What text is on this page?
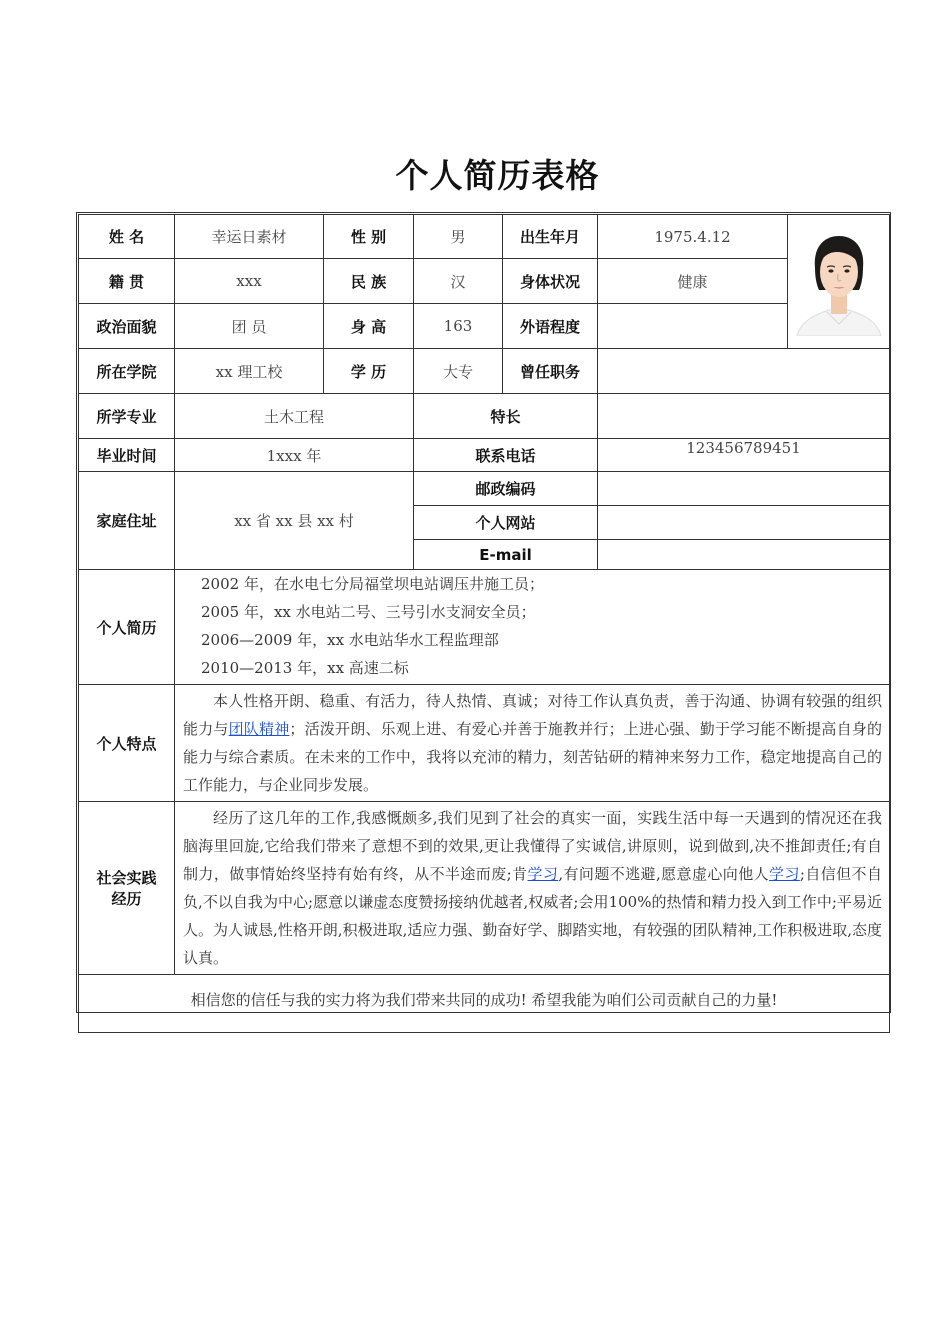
个人简历表格
姓 名	幸运日素材	性 别	男	出生年月	1975.4.12	

籍 贯	xxx	民 族	汉	身体状况	健康	
政治面貌	团 员	身 高	163	外语程度		
所在学院	xx 理工校	学 历	大专	曾任职务		
所学专业	土木工程		特长			
毕业时间	1xxx 年		联系电话		123456789451	
家庭住址	xx 省 xx 县 xx 村		邮政编码			
			个人网站			
			E-mail			
个人简历	2002 年，在水电七分局福堂坝电站调压井施工员；
2005 年，xx 水电站二号、三号引水支洞安全员；
2006—2009 年，xx 水电站华水工程监理部
2010—2013 年，xx 高速二标					

个人特点	本人性格开朗、稳重、有活力，待人热情、真诚；对待工作认真负责，善于沟通、协调有较强的组织能力与团队精神；活泼开朗、乐观上进、有爱心并善于施教并行；上进心强、勤于学习能不断提高自身的能力与综合素质。在未来的工作中，我将以充沛的精力，刻苦钻研的精神来努力工作，稳定地提高自己的工作能力，与企业同步发展。					

社会实践经历	经历了这几年的工作,我感慨颇多,我们见到了社会的真实一面，实践生活中每一天遇到的情况还在我脑海里回旋,它给我们带来了意想不到的效果,更让我懂得了实诚信,讲原则，说到做到,决不推卸责任;有自制力，做事情始终坚持有始有终，从不半途而废;肯学习,有问题不逃避,愿意虚心向他人学习;自信但不自负,不以自我为中心;愿意以谦虚态度赞扬接纳优越者,权威者;会用100%的热情和精力投入到工作中;平易近人。为人诚恳,性格开朗,积极进取,适应力强、勤奋好学、脚踏实地，有较强的团队精神,工作积极进取,态度认真。					

相信您的信任与我的实力将为我们带来共同的成功! 希望我能为咱们公司贡献自己的力量!						
